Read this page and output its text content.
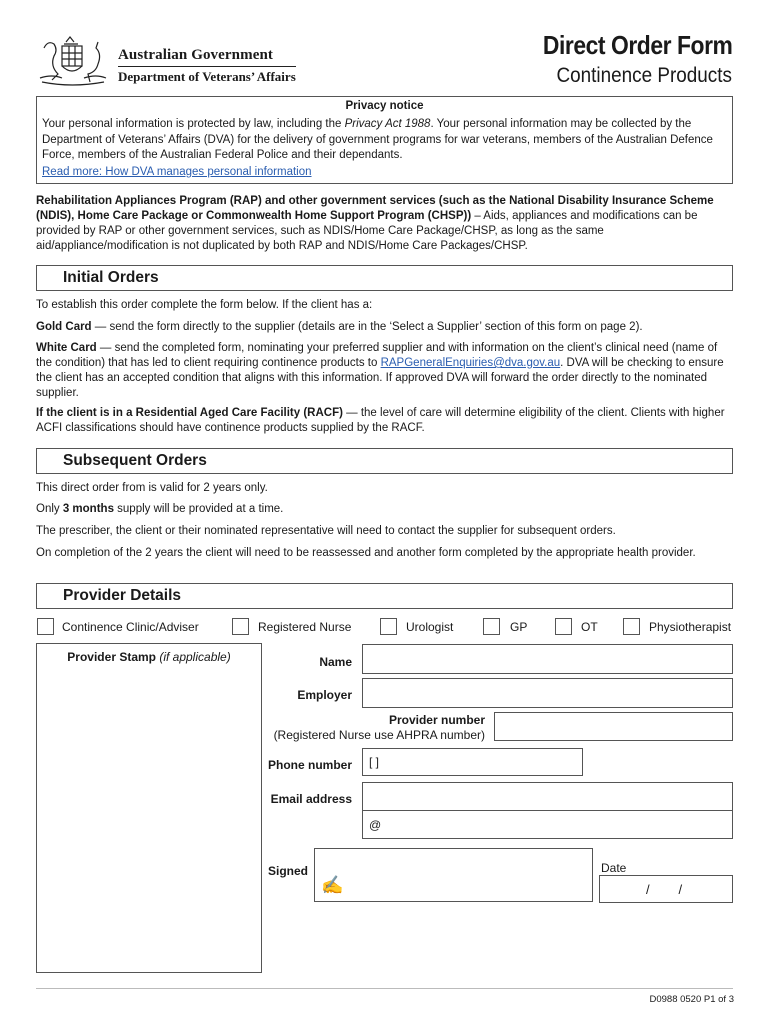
Australian Government
Department of Veterans’ Affairs
Direct Order Form
Continence Products
Privacy notice
Your personal information is protected by law, including the Privacy Act 1988. Your personal information may be collected by the Department of Veterans’ Affairs (DVA) for the delivery of government programs for war veterans, members of the Australian Defence Force, members of the Australian Federal Police and their dependants.
Read more: How DVA manages personal information
Rehabilitation Appliances Program (RAP) and other government services (such as the National Disability Insurance Scheme (NDIS), Home Care Package or Commonwealth Home Support Program (CHSP)) – Aids, appliances and modifications can be provided by RAP or other government services, such as NDIS/Home Care Package/CHSP, as long as the same aid/appliance/modification is not duplicated by both RAP and NDIS/Home Care Packages/CHSP.
Initial Orders
To establish this order complete the form below. If the client has a:
Gold Card — send the form directly to the supplier (details are in the ‘Select a Supplier’ section of this form on page 2).
White Card — send the completed form, nominating your preferred supplier and with information on the client’s clinical need (name of the condition) that has led to client requiring continence products to RAPGeneralEnquiries@dva.gov.au. DVA will be checking to ensure the client has an accepted condition that aligns with this information. If approved DVA will forward the order directly to the nominated supplier.
If the client is in a Residential Aged Care Facility (RACF) — the level of care will determine eligibility of the client. Clients with higher ACFI classifications should have continence products supplied by the RACF.
Subsequent Orders
This direct order from is valid for 2 years only.
Only 3 months supply will be provided at a time.
The prescriber, the client or their nominated representative will need to contact the supplier for subsequent orders.
On completion of the 2 years the client will need to be reassessed and another form completed by the appropriate health provider.
Provider Details
Continence Clinic/Adviser	Registered Nurse	Urologist	GP	OT	Physiotherapist
Provider Stamp (if applicable)	Name
Employer
Provider number
(Registered Nurse use AHPRA number)
Phone number [ ]
Email address
@
Signed
✍
Date
/        /
D0988 0520 P1 of 3
